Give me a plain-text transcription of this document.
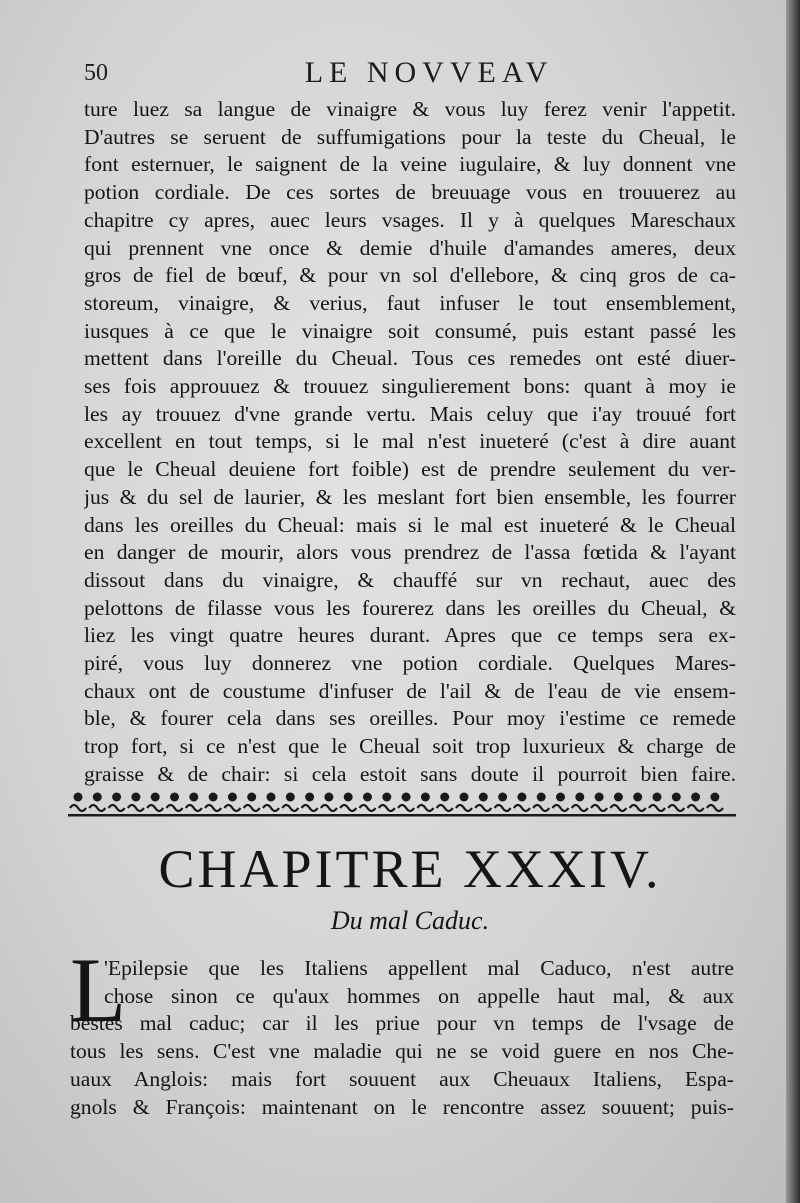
50	LE NOVVEAV
ture luez sa langue de vinaigre & vous luy ferez venir l'appetit.
D'autres se seruent de suffumigations pour la teste du Cheual, le
font esternuer, le saignent de la veine iugulaire, & luy donnent vne
potion cordiale. De ces sortes de breuuage vous en trouuerez au
chapitre cy apres, auec leurs vsages. Il y à quelques Mareschaux
qui prennent vne once & demie d'huile d'amandes ameres, deux
gros de fiel de bœuf, & pour vn sol d'ellebore, & cinq gros de ca-
storeum, vinaigre, & verius, faut infuser le tout ensemblement,
iusques à ce que le vinaigre soit consumé, puis estant passé les
mettent dans l'oreille du Cheual. Tous ces remedes ont esté diuer-
ses fois approuuez & trouuez singulierement bons: quant à moy ie
les ay trouuez d'vne grande vertu. Mais celuy que i'ay trouué fort
excellent en tout temps, si le mal n'est inueteré (c'est à dire auant
que le Cheual deuiene fort foible) est de prendre seulement du ver-
jus & du sel de laurier, & les meslant fort bien ensemble, les fourrer
dans les oreilles du Cheual: mais si le mal est inueteré & le Cheual
en danger de mourir, alors vous prendrez de l'assa fœtida & l'ayant
dissout dans du vinaigre, & chauffé sur vn rechaut, auec des
pelottons de filasse vous les fourerez dans les oreilles du Cheual, &
liez les vingt quatre heures durant. Apres que ce temps sera ex-
piré, vous luy donnerez vne potion cordiale. Quelques Mares-
chaux ont de coustume d'infuser de l'ail & de l'eau de vie ensem-
ble, & fourer cela dans ses oreilles. Pour moy i'estime ce remede
trop fort, si ce n'est que le Cheual soit trop luxurieux & charge de
graisse & de chair: si cela estoit sans doute il pourroit bien faire.
CHAPITRE XXXIV.
Du mal Caduc.
L
'Epilepsie que les Italiens appellent mal Caduco, n'est autre
chose sinon ce qu'aux hommes on appelle haut mal, & aux
bestes mal caduc; car il les priue pour vn temps de l'vsage de
tous les sens. C'est vne maladie qui ne se void guere en nos Che-
uaux Anglois: mais fort souuent aux Cheuaux Italiens, Espa-
gnols & François: maintenant on le rencontre assez souuent; puis-
